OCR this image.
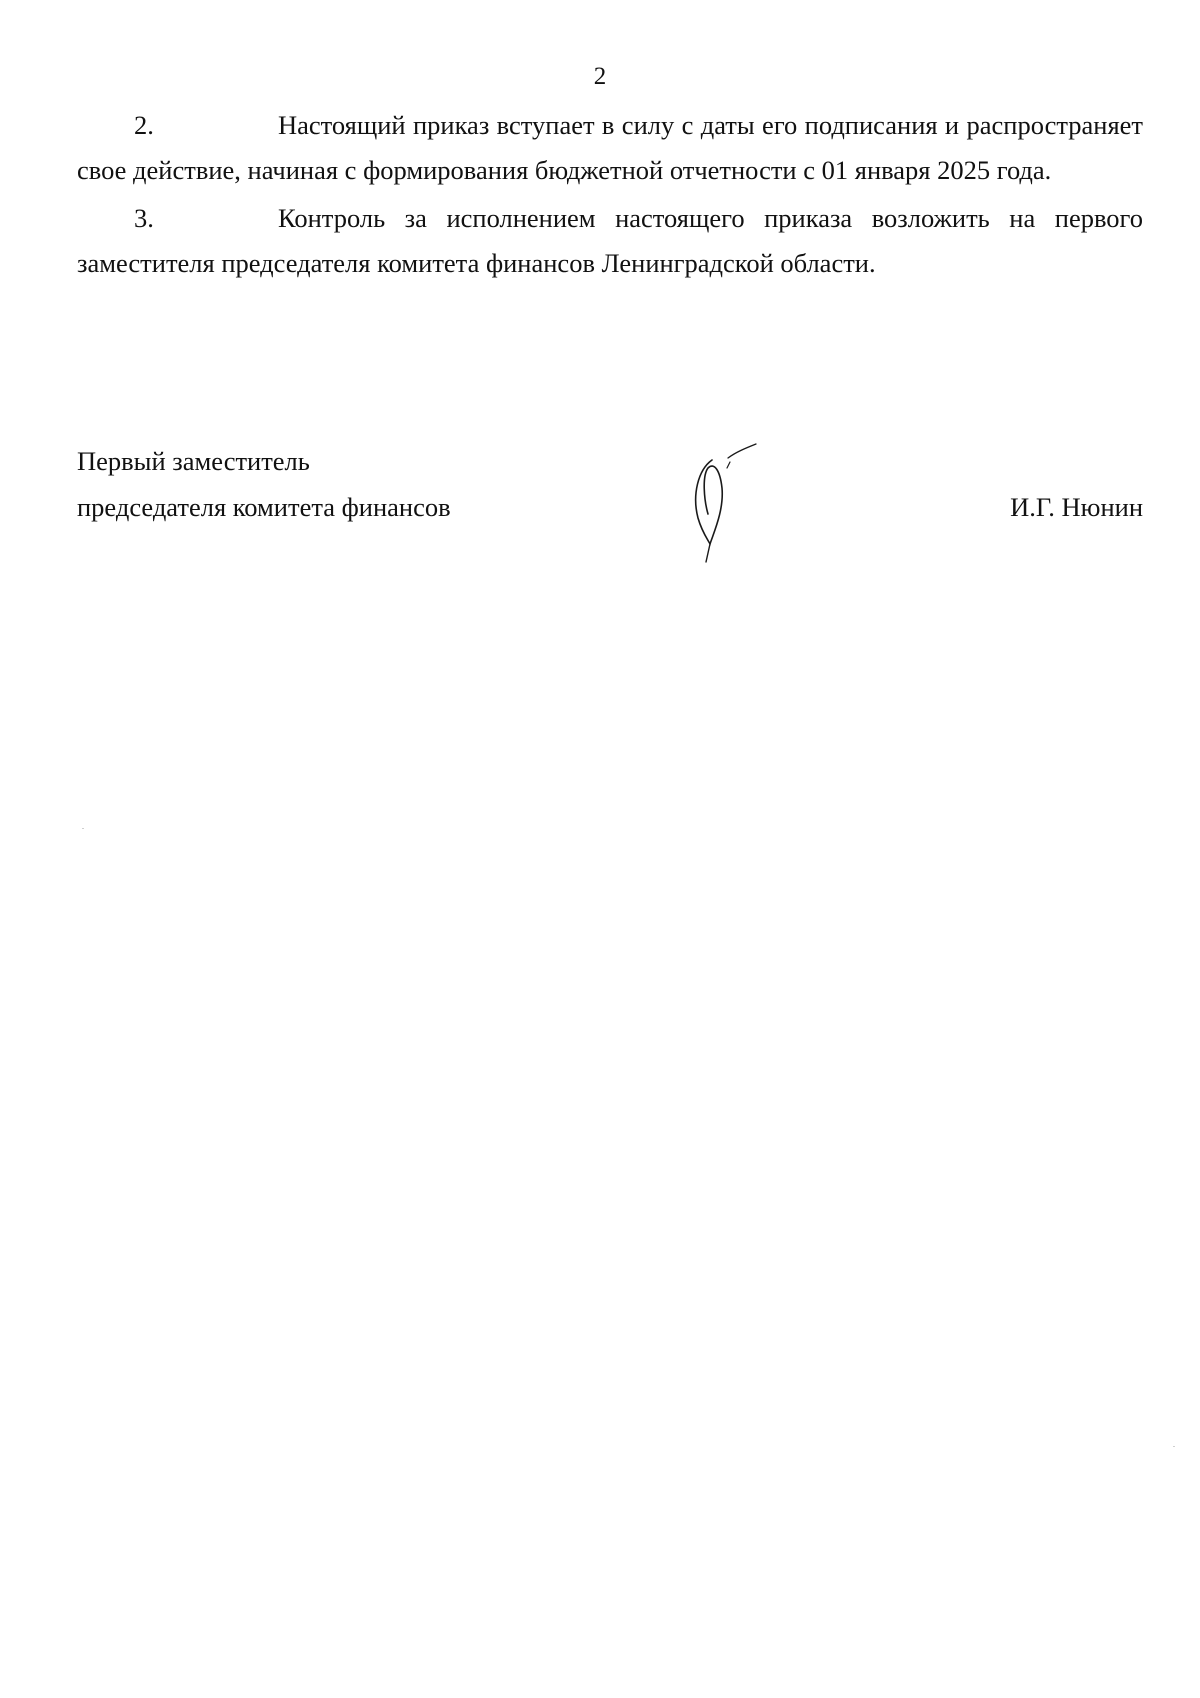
2

2.	Настоящий приказ вступает в силу с даты его подписания и распространяет свое действие, начиная с формирования бюджетной отчетности с 01 января 2025 года.

3.	Контроль за исполнением настоящего приказа возложить на первого заместителя председателя комитета финансов Ленинградской области.

Первый заместитель
председателя комитета финансов	И.Г. Нюнин
